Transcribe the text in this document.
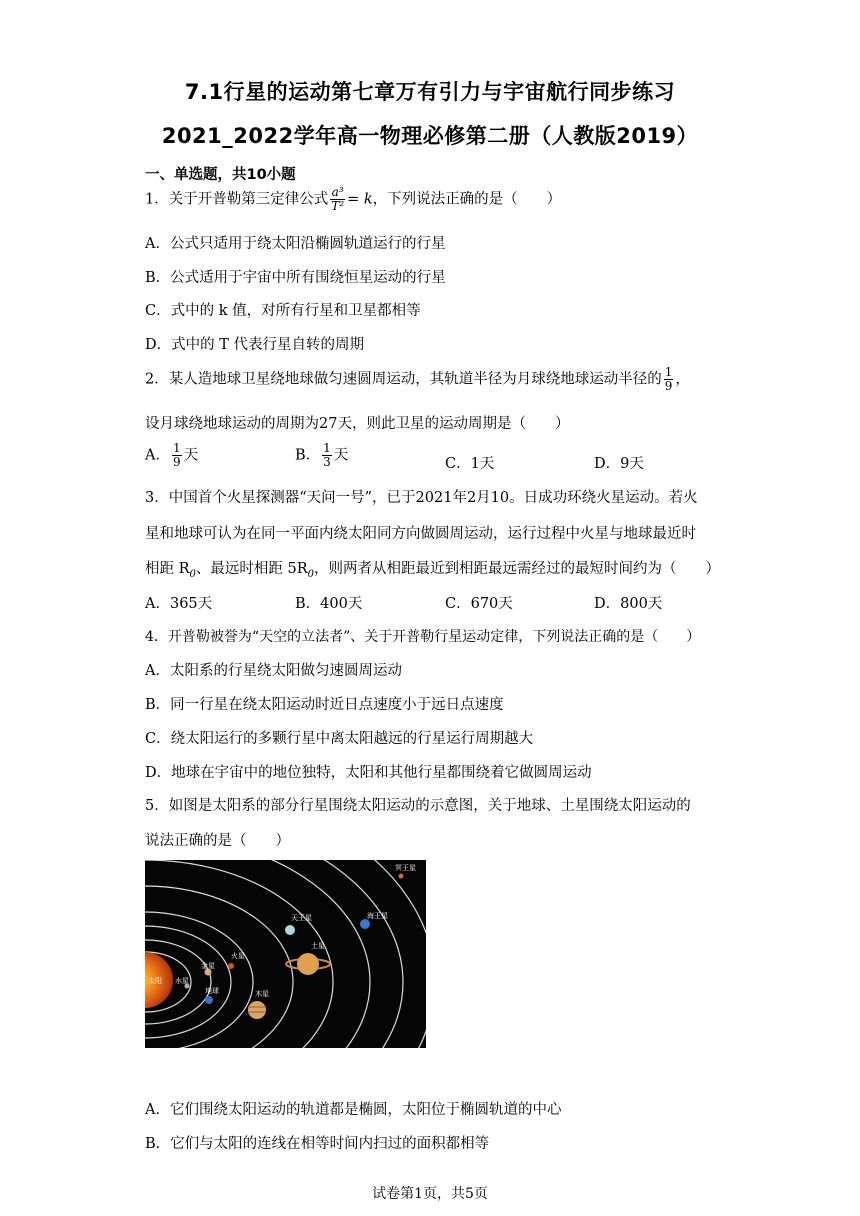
7.1行星的运动第七章万有引力与宇宙航行同步练习
2021_2022学年高一物理必修第二册（人教版2019）
一、单选题，共10小题
1．关于开普勒第三定律公式 $\frac{\text{a³}}{\text{T²}} = k$，下列说法正确的是（　　）
A．公式只适用于绕太阳沿椭圆轨道运行的行星
B．公式适用于宇宙中所有围绕恒星运动的行星
C．式中的 k 值，对所有行星和卫星都相等
D．式中的 T 代表行星自转的周期
2．某人造地球卫星绕地球做匀速圆周运动，其轨道半径为月球绕地球运动半径的 $\frac{1}{9}$ ，
设月球绕地球运动的周期为27天，则此卫星的运动周期是（　　）
A． $\frac{1}{9}$ 天	B． $\frac{1}{3}$ 天
C．1天	D．9天
3．中国首个火星探测器“天问一号”，已于2021年2月10。日成功环绕火星运动。若火
星和地球可认为在同一平面内绕太阳同方向做圆周运动，运行过程中火星与地球最近时
相距 $R_0$、最远时相距 $5R_0$，则两者从相距最近到相距最远需经过的最短时间约为（　　）
A．365天	B．400天	C．670天	D．800天
4．开普勒被誉为“天空的立法者”、关于开普勒行星运动定律，下列说法正确的是（　　）
A．太阳系的行星绕太阳做匀速圆周运动
B．同一行星在绕太阳运动时近日点速度小于远日点速度
C．绕太阳运行的多颗行星中离太阳越远的行星运行周期越大
D．地球在宇宙中的地位独特，太阳和其他行星都围绕着它做圆周运动
5．如图是太阳系的部分行星围绕太阳运动的示意图，关于地球、土星围绕太阳运动的
说法正确的是（　　）
太阳 水星
金星
地球
火星
木星
土星
天王星	海王星
冥王星
A．它们围绕太阳运动的轨道都是椭圆，太阳位于椭圆轨道的中心
B．它们与太阳的连线在相等时间内扫过的面积都相等
试卷第1页，共5页
